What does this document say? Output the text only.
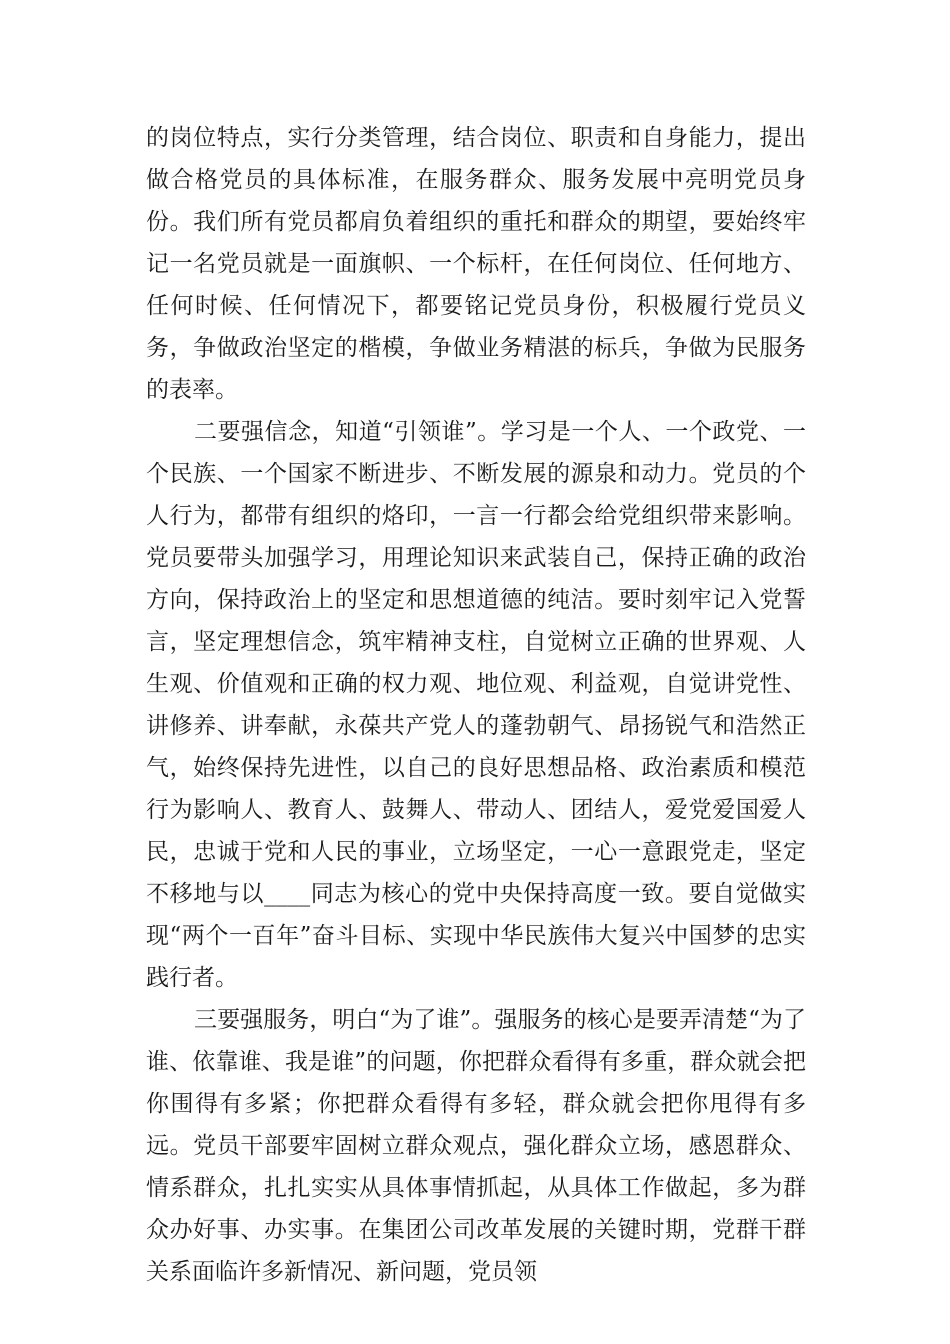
的岗位特点，实行分类管理，结合岗位、职责和自身能力，提出做合格党员的具体标准，在服务群众、服务发展中亮明党员身份。我们所有党员都肩负着组织的重托和群众的期望，要始终牢记一名党员就是一面旗帜、一个标杆，在任何岗位、任何地方、任何时候、任何情况下，都要铭记党员身份，积极履行党员义务，争做政治坚定的楷模，争做业务精湛的标兵，争做为民服务的表率。

二要强信念，知道“引领谁”。学习是一个人、一个政党、一个民族、一个国家不断进步、不断发展的源泉和动力。党员的个人行为，都带有组织的烙印，一言一行都会给党组织带来影响。党员要带头加强学习，用理论知识来武装自己，保持正确的政治方向，保持政治上的坚定和思想道德的纯洁。要时刻牢记入党誓言，坚定理想信念，筑牢精神支柱，自觉树立正确的世界观、人生观、价值观和正确的权力观、地位观、利益观，自觉讲党性、讲修养、讲奉献，永葆共产党人的蓬勃朝气、昂扬锐气和浩然正气，始终保持先进性，以自己的良好思想品格、政治素质和模范行为影响人、教育人、鼓舞人、带动人、团结人，爱党爱国爱人民，忠诚于党和人民的事业，立场坚定，一心一意跟党走，坚定不移地与以____同志为核心的党中央保持高度一致。要自觉做实现“两个一百年”奋斗目标、实现中华民族伟大复兴中国梦的忠实践行者。

三要强服务，明白“为了谁”。强服务的核心是要弄清楚“为了谁、依靠谁、我是谁”的问题，你把群众看得有多重，群众就会把你围得有多紧；你把群众看得有多轻，群众就会把你甩得有多远。党员干部要牢固树立群众观点，强化群众立场，感恩群众、情系群众，扎扎实实从具体事情抓起，从具体工作做起，多为群众办好事、办实事。在集团公司改革发展的关键时期，党群干群关系面临许多新情况、新问题，党员领
